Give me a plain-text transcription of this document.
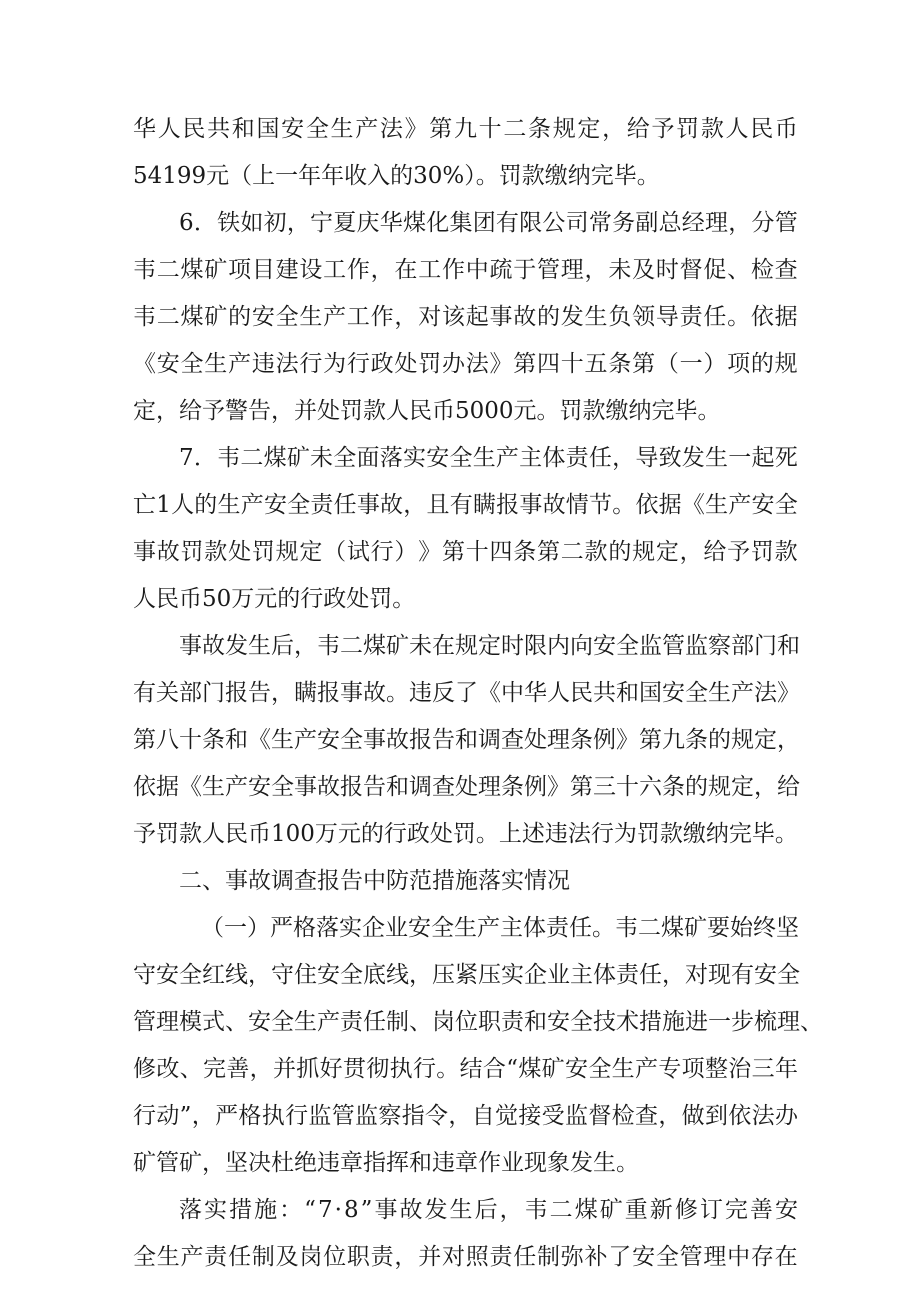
华 人 民 共 和 国 安 全 生 产 法 》 第 九 十 二 条 规 定 ， 给 予 罚 款 人 民 币
54199元（上一年年收入的30%）。罚款缴纳完毕。
6 ． 铁 如 初 ， 宁 夏 庆 华 煤 化 集 团 有 限 公 司 常 务 副 总 经 理 ， 分 管
韦 二 煤 矿 项 目 建 设 工 作 ， 在 工 作 中 疏 于 管 理 ， 未 及 时 督 促 、 检 查
韦 二 煤 矿 的 安 全 生 产 工 作 ， 对 该 起 事 故 的 发 生 负 领 导 责 任 。 依 据
《 安 全 生 产 违 法 行 为 行 政 处 罚 办 法 》 第 四 十 五 条 第 （ 一 ） 项 的 规
定，给予警告，并处罚款人民币5000元。罚款缴纳完毕。
7 ． 韦 二 煤 矿 未 全 面 落 实 安 全 生 产 主 体 责 任 ， 导 致 发 生 一 起 死
亡 1 人 的 生 产 安 全 责 任 事 故 ， 且 有 瞒 报 事 故 情 节 。 依 据 《 生 产 安 全
事 故 罚 款 处 罚 规 定 （ 试 行 ） 》 第 十 四 条 第 二 款 的 规 定 ， 给 予 罚 款
人民币50万元的行政处罚。
事 故 发 生 后 ， 韦 二 煤 矿 未 在 规 定 时 限 内 向 安 全 监 管 监 察 部 门 和
有 关 部 门 报 告 ， 瞒 报 事 故 。 违 反 了 《 中 华 人 民 共 和 国 安 全 生 产 法 》
第 八 十 条 和 《 生 产 安 全 事 故 报 告 和 调 查 处 理 条 例 》 第 九 条 的 规 定 ，
依 据 《 生 产 安 全 事 故 报 告 和 调 查 处 理 条 例 》 第 三 十 六 条 的 规 定 ， 给
予 罚 款 人 民 币 100 万 元 的 行 政 处 罚 。 上 述 违 法 行 为 罚 款 缴 纳 完 毕 。
二、事故调查报告中防范措施落实情况
（ 一 ） 严 格 落 实 企 业 安 全 生 产 主 体 责 任 。 韦 二 煤 矿 要 始 终 坚
守 安 全 红 线 ， 守 住 安 全 底 线 ， 压 紧 压 实 企 业 主 体 责 任 ， 对 现 有 安 全
管 理 模 式 、 安 全 生 产 责 任 制 、 岗 位 职 责 和 安 全 技 术 措 施 进 一 步 梳 理 、
修 改 、 完 善 ， 并 抓 好 贯 彻 执 行 。 结 合 “ 煤 矿 安 全 生 产 专 项 整 治 三 年
行 动 ” ， 严 格 执 行 监 管 监 察 指 令 ， 自 觉 接 受 监 督 检 查 ， 做 到 依 法 办
矿管矿，坚决杜绝违章指挥和违章作业现象发生。
落 实 措 施 ： “ 7 · 8 ” 事 故 发 生 后 ， 韦 二 煤 矿 重 新 修 订 完 善 安
全 生 产 责 任 制 及 岗 位 职 责 ， 并 对 照 责 任 制 弥 补 了 安 全 管 理 中 存 在
